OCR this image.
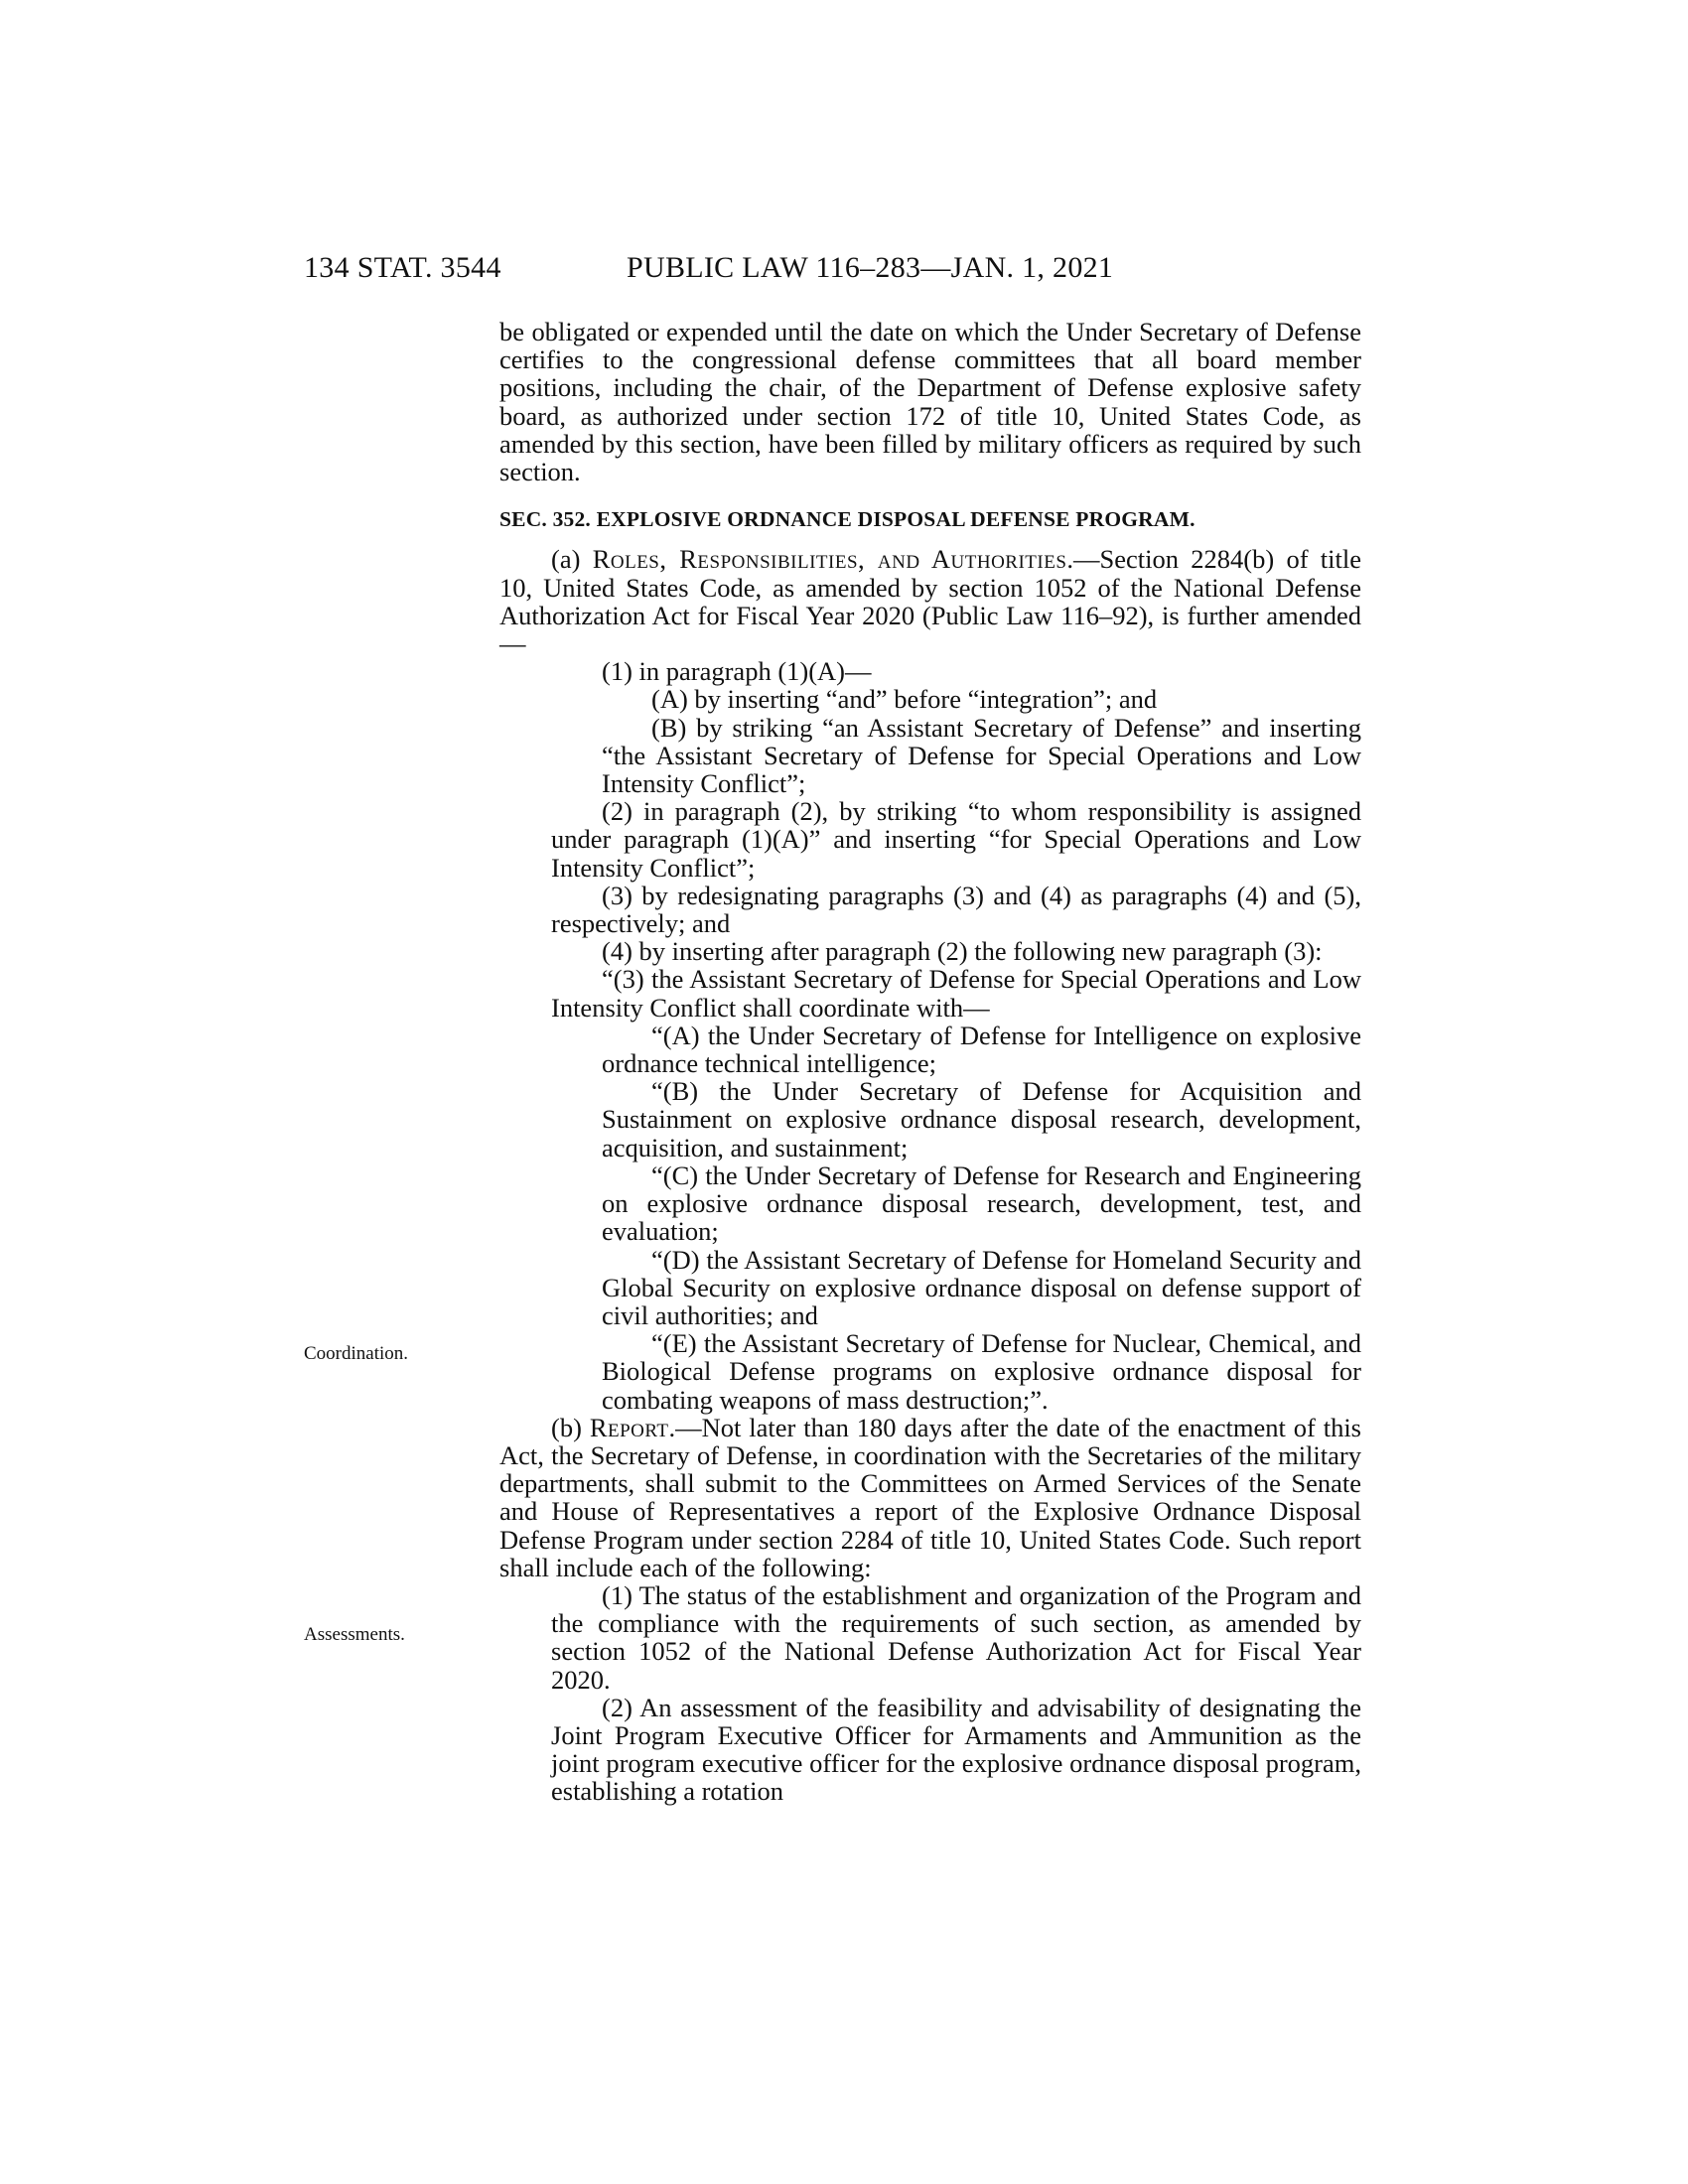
134 STAT. 3544	PUBLIC LAW 116–283—JAN. 1, 2021
Coordination.
Assessments.

be obligated or expended until the date on which the Under Secretary of Defense certifies to the congressional defense committees that all board member positions, including the chair, of the Department of Defense explosive safety board, as authorized under section 172 of title 10, United States Code, as amended by this section, have been filled by military officers as required by such section.

SEC. 352. EXPLOSIVE ORDNANCE DISPOSAL DEFENSE PROGRAM.

(a) Roles, Responsibilities, and Authorities.—Section 2284(b) of title 10, United States Code, as amended by section 1052 of the National Defense Authorization Act for Fiscal Year 2020 (Public Law 116–92), is further amended—

(1) in paragraph (1)(A)—

(A) by inserting “and” before “integration”; and

(B) by striking “an Assistant Secretary of Defense” and inserting “the Assistant Secretary of Defense for Special Operations and Low Intensity Conflict”;

(2) in paragraph (2), by striking “to whom responsibility is assigned under paragraph (1)(A)” and inserting “for Special Operations and Low Intensity Conflict”;

(3) by redesignating paragraphs (3) and (4) as paragraphs (4) and (5), respectively; and

(4) by inserting after paragraph (2) the following new paragraph (3):

“(3) the Assistant Secretary of Defense for Special Operations and Low Intensity Conflict shall coordinate with—

“(A) the Under Secretary of Defense for Intelligence on explosive ordnance technical intelligence;

“(B) the Under Secretary of Defense for Acquisition and Sustainment on explosive ordnance disposal research, development, acquisition, and sustainment;

“(C) the Under Secretary of Defense for Research and Engineering on explosive ordnance disposal research, development, test, and evaluation;

“(D) the Assistant Secretary of Defense for Homeland Security and Global Security on explosive ordnance disposal on defense support of civil authorities; and

“(E) the Assistant Secretary of Defense for Nuclear, Chemical, and Biological Defense programs on explosive ordnance disposal for combating weapons of mass destruction;”.

(b) Report.—Not later than 180 days after the date of the enactment of this Act, the Secretary of Defense, in coordination with the Secretaries of the military departments, shall submit to the Committees on Armed Services of the Senate and House of Representatives a report of the Explosive Ordnance Disposal Defense Program under section 2284 of title 10, United States Code. Such report shall include each of the following:

(1) The status of the establishment and organization of the Program and the compliance with the requirements of such section, as amended by section 1052 of the National Defense Authorization Act for Fiscal Year 2020.

(2) An assessment of the feasibility and advisability of designating the Joint Program Executive Officer for Armaments and Ammunition as the joint program executive officer for the explosive ordnance disposal program, establishing a rotation
